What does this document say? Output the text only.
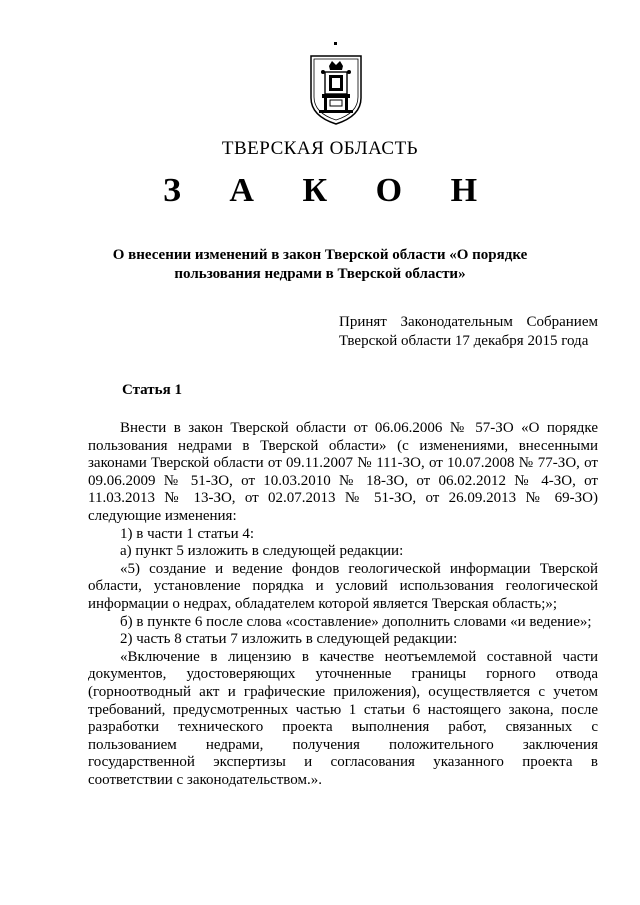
ТВЕРСКАЯ ОБЛАСТЬ
З А К О Н
О внесении изменений в закон Тверской области «О порядке пользования недрами в Тверской области»
Принят Законодательным Собранием
Тверской области 17 декабря 2015 года
Статья 1

Внести в закон Тверской области от 06.06.2006 № 57-ЗО «О порядке пользования недрами в Тверской области» (с изменениями, внесенными законами Тверской области от 09.11.2007 № 111-ЗО, от 10.07.2008 № 77-ЗО, от 09.06.2009 № 51-ЗО, от 10.03.2010 № 18-ЗО, от 06.02.2012 № 4-ЗО, от 11.03.2013 № 13-ЗО, от 02.07.2013 № 51-ЗО, от 26.09.2013 № 69-ЗО) следующие изменения:

1) в части 1 статьи 4:

а) пункт 5 изложить в следующей редакции:

«5) создание и ведение фондов геологической информации Тверской области, установление порядка и условий использования геологической информации о недрах, обладателем которой является Тверская область;»;

б) в пункте 6 после слова «составление» дополнить словами «и ведение»;

2) часть 8 статьи 7 изложить в следующей редакции:

«Включение в лицензию в качестве неотъемлемой составной части документов, удостоверяющих уточненные границы горного отвода (горноотводный акт и графические приложения), осуществляется с учетом требований, предусмотренных частью 1 статьи 6 настоящего закона, после разработки технического проекта выполнения работ, связанных с пользованием недрами, получения положительного заключения государственной экспертизы и согласования указанного проекта в соответствии с законодательством.».
